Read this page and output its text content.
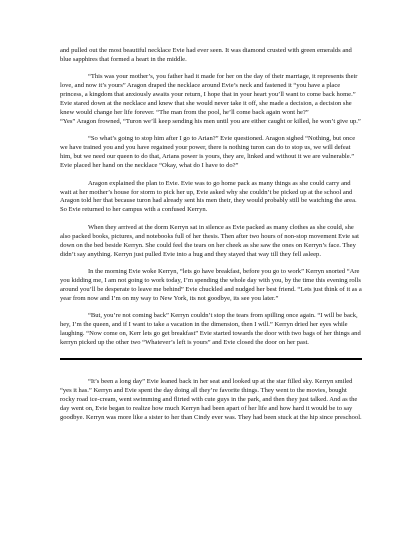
and pulled out the most beautiful necklace Evie had ever seen. It was diamond crusted with green emeralds and blue sapphires that formed a heart in the middle.

“This was your mother’s, you father had it made for her on the day of their marriage, it represents their love, and now it’s yours” Aragon draped the necklace around Evie’s neck and fastened it “you have a place princess, a kingdom that anxiously awaits your return, I hope that in your heart you’ll want to come back home.” Evie stared down at the necklace and knew that she would never take it off, she made a decision, a decision she knew would change her life forever. “The man from the pool, he’ll come back again wont he?”

“Yes” Aragon frowned, “Turon we’ll keep sending his men until you are either caught or killed, he won’t give up.”

“So what’s going to stop him after I go to Arian?” Evie questioned. Aragon sighed “Nothing, but once we have trained you and you have regained your power, there is nothing turon can do to stop us, we will defeat him, but we need our queen to do that, Arians power is yours, they are, linked and without it we are vulnerable.” Evie placed her hand on the necklace “Okay, what do I have to do?”

Aragon explained the plan to Evie. Evie was to go home pack as many things as she could carry and wait at her mother’s house for storm to pick her up, Evie asked why she couldn’t be picked up at the school and Aragon told her that because turon had already sent his men their, they would probably still be watching the area. So Evie returned to her campus with a confused Kerryn.

When they arrived at the dorm Kerryn sat in silence as Evie packed as many clothes as she could, she also packed books, pictures, and notebooks full of her thesis. Then after two hours of non-stop movement Evie sat down on the bed beside Kerryn. She could feel the tears on her cheek as she saw the ones on Kerryn’s face. They didn’t say anything. Kerryn just pulled Evie into a hug and they stayed that way till they fell asleep.

In the morning Evie woke Kerryn, “lets go have breakfast, before you go to work” Kerryn snorted “Are you kidding me, I am not going to work today, I’m spending the whole day with you, by the time this evening rolls around you’ll be desperate to leave me behind” Evie chuckled and nudged her best friend. “Lets just think of it as a year from now and I’m on my way to New York, its not goodbye, its see you later.”

“But, you’re not coming back” Kerryn couldn’t stop the tears from spilling once again. “I will be back, hey, I’m the queen, and if I want to take a vacation in the dimension, then I will.” Kerryn dried her eyes while laughing. “Now come on, Kerr lets go get breakfast” Evie started towards the door with two bags of her things and kerryn picked up the other two “Whatever’s left is yours” and Evie closed the door on her past.

“It’s been a long day” Evie leaned back in her seat and looked up at the star filled sky. Kerryn smiled “yes it has.” Kerryn and Evie spent the day doing all they’re favorite things. They went to the movies, bought rocky road ice-cream, went swimming and flirted with cute guys in the park, and then they just talked. And as the day went on, Evie began to realize how much Kerryn had been apart of her life and how hard it would be to say goodbye. Kerryn was more like a sister to her than Cindy ever was. They had been stuck at the hip since preschool.
